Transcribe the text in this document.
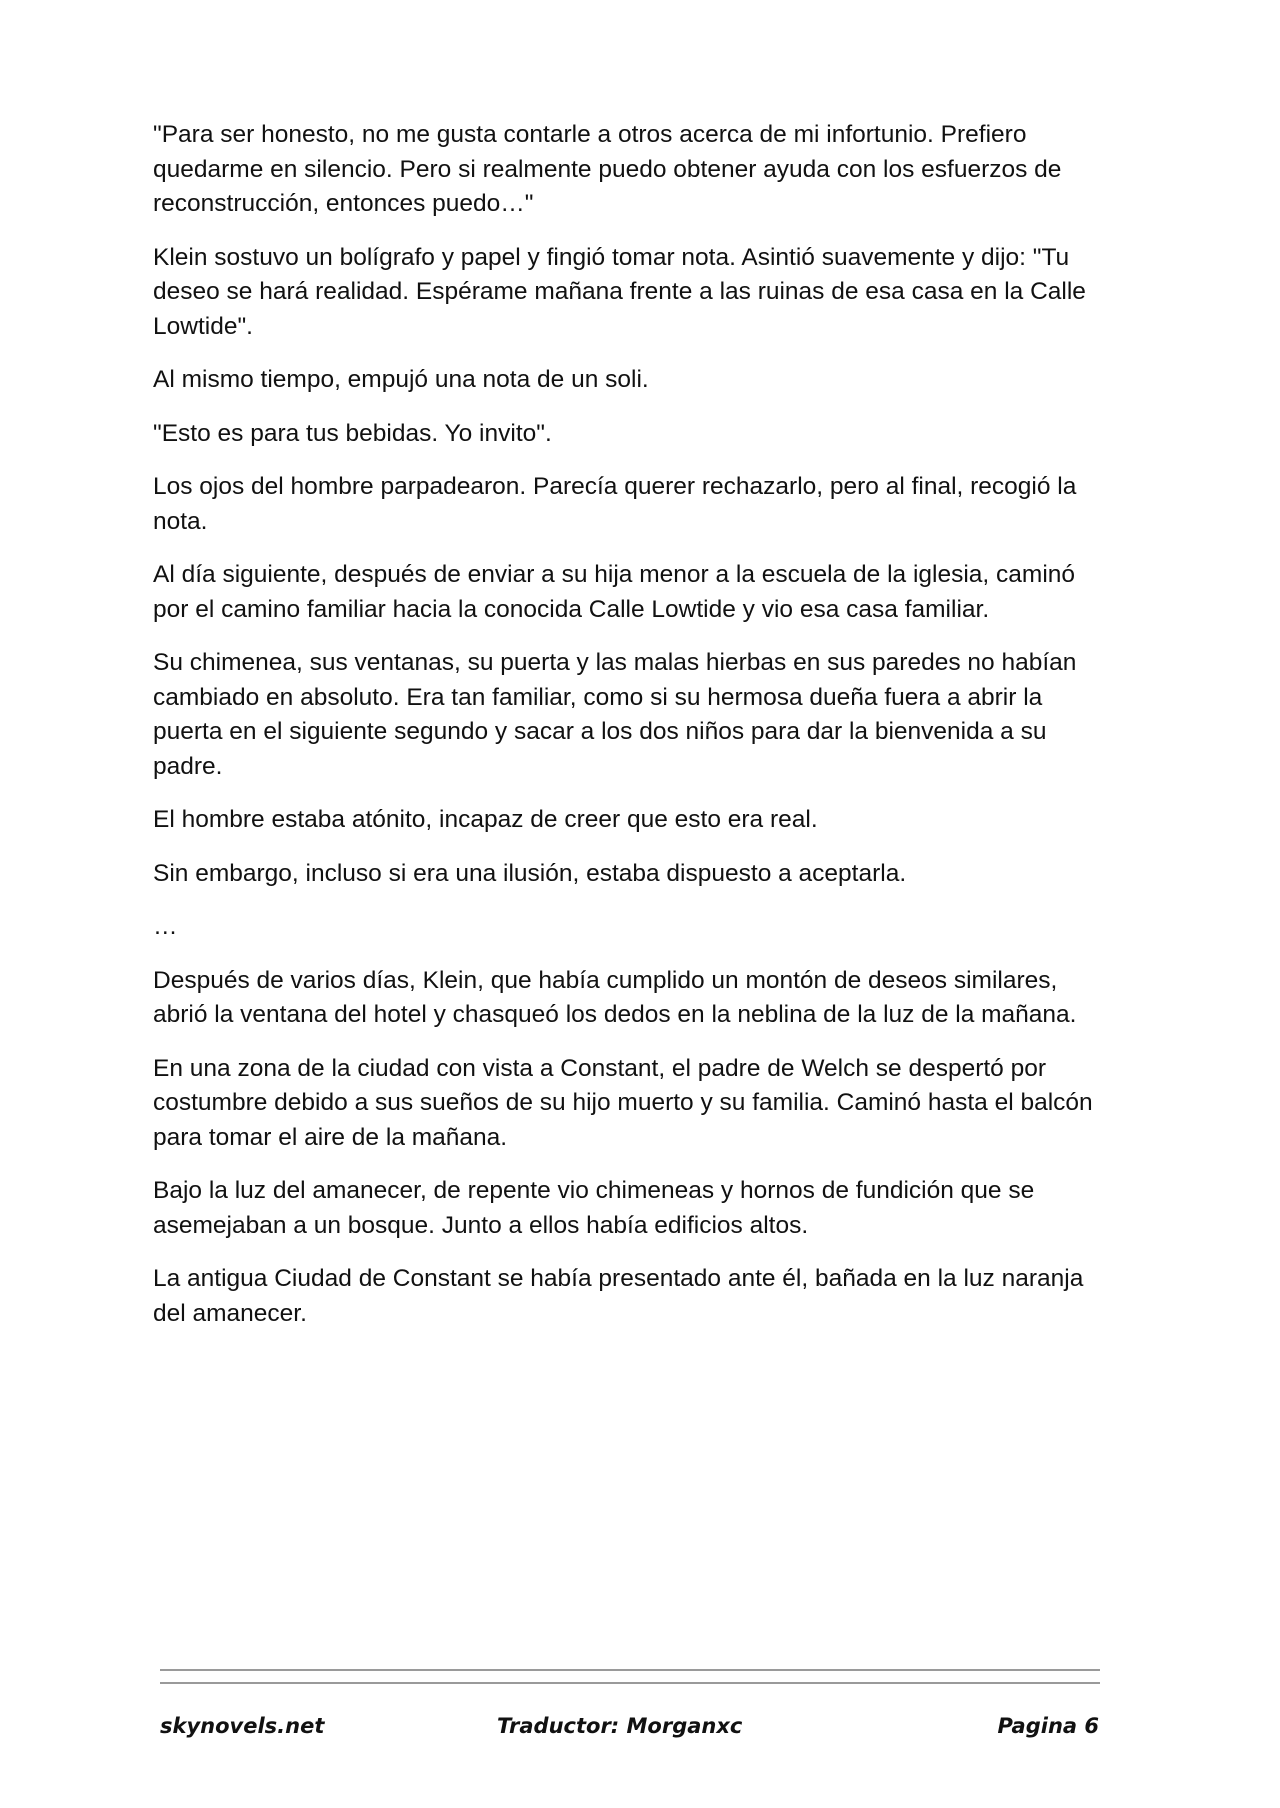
"Para ser honesto, no me gusta contarle a otros acerca de mi infortunio. Prefiero quedarme en silencio. Pero si realmente puedo obtener ayuda con los esfuerzos de reconstrucción, entonces puedo…"

Klein sostuvo un bolígrafo y papel y fingió tomar nota. Asintió suavemente y dijo: "Tu deseo se hará realidad. Espérame mañana frente a las ruinas de esa casa en la Calle Lowtide".

Al mismo tiempo, empujó una nota de un soli.

"Esto es para tus bebidas. Yo invito".

Los ojos del hombre parpadearon. Parecía querer rechazarlo, pero al final, recogió la nota.

Al día siguiente, después de enviar a su hija menor a la escuela de la iglesia, caminó por el camino familiar hacia la conocida Calle Lowtide y vio esa casa familiar.

Su chimenea, sus ventanas, su puerta y las malas hierbas en sus paredes no habían cambiado en absoluto. Era tan familiar, como si su hermosa dueña fuera a abrir la puerta en el siguiente segundo y sacar a los dos niños para dar la bienvenida a su padre.

El hombre estaba atónito, incapaz de creer que esto era real.

Sin embargo, incluso si era una ilusión, estaba dispuesto a aceptarla.

…

Después de varios días, Klein, que había cumplido un montón de deseos similares, abrió la ventana del hotel y chasqueó los dedos en la neblina de la luz de la mañana.

En una zona de la ciudad con vista a Constant, el padre de Welch se despertó por costumbre debido a sus sueños de su hijo muerto y su familia. Caminó hasta el balcón para tomar el aire de la mañana.

Bajo la luz del amanecer, de repente vio chimeneas y hornos de fundición que se asemejaban a un bosque. Junto a ellos había edificios altos.

La antigua Ciudad de Constant se había presentado ante él, bañada en la luz naranja del amanecer.

skynovels.net	Traductor: Morganxc	Pagina 6
